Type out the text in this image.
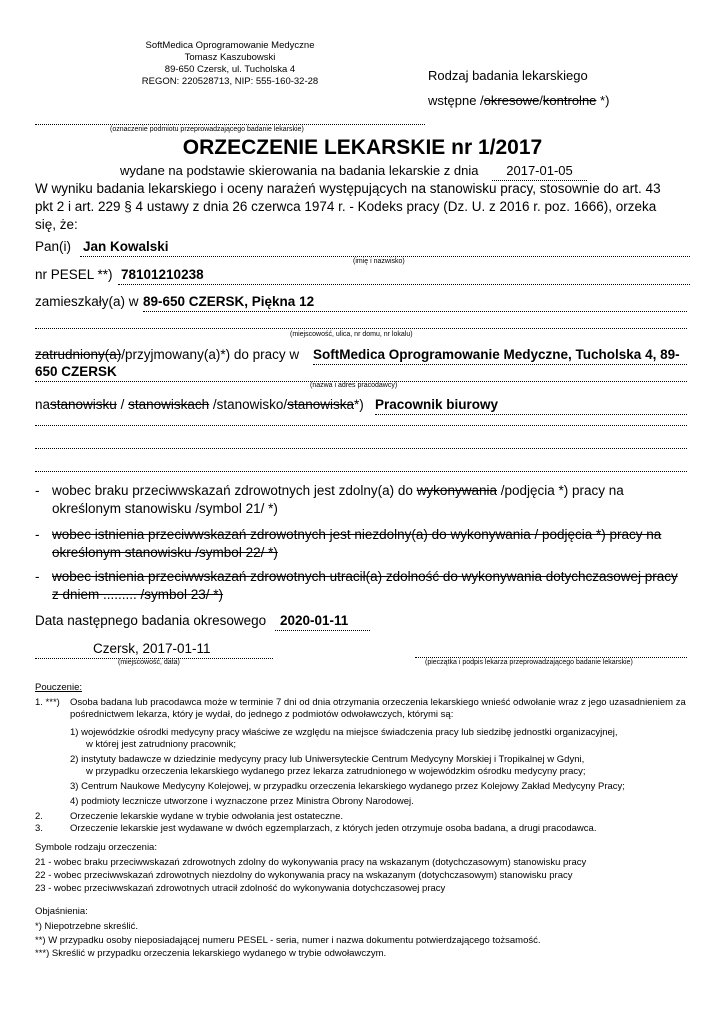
SoftMedica Oprogramowanie Medyczne
Tomasz Kaszubowski
89-650 Czersk, ul. Tucholska 4
REGON: 220528713, NIP: 555-160-32-28	Rodzaj badania lekarskiego
wstępne /okresowe/kontrolne *)
(oznaczenie podmiotu przeprowadzającego badanie lekarskie)
ORZECZENIE LEKARSKIE nr 1/2017
wydane na podstawie skierowania na badania lekarskie z dnia	2017-01-05
W wyniku badania lekarskiego i oceny narażeń występujących na stanowisku pracy, stosownie do art. 43 pkt 2 i art. 229 § 4 ustawy z dnia 26 czerwca 1974 r. - Kodeks pracy (Dz. U. z 2016 r. poz. 1666), orzeka się, że:
Pan(i) Jan Kowalski
(imię i nazwisko)
nr PESEL **) 78101210238
zamieszkały(a) w 89-650 CZERSK, Piękna 12
(miejscowość, ulica, nr domu, nr lokalu)
zatrudniony(a)/przyjmowany(a)*) do pracy w SoftMedica Oprogramowanie Medyczne, Tucholska 4, 89-
650 CZERSK
(nazwa i adres pracodawcy)
nastanowisku / stanowiskach /stanowisko/stanowiska*) Pracownik biurowy
- wobec braku przeciwwskazań zdrowotnych jest zdolny(a) do wykonywania /podjęcia *) pracy na
określonym stanowisku /symbol 21/ *)
- wobec istnienia przeciwwskazań zdrowotnych jest niezdolny(a) do wykonywania / podjęcia *) pracy na
określonym stanowisku /symbol 22/ *)
- wobec istnienia przeciwwskazań zdrowotnych utracił(a) zdolność do wykonywania dotychczasowej pracy
z dniem ......... /symbol 23/ *)
Data następnego badania okresowego	2020-01-11
Czersk, 2017-01-11
(miejscowość, data)	(pieczątka i podpis lekarza przeprowadzającego badanie lekarskie)
Pouczenie:
1. ***) Osoba badana lub pracodawca może w terminie 7 dni od dnia otrzymania orzeczenia lekarskiego wnieść odwołanie wraz z jego uzasadnieniem za pośrednictwem lekarza, który je wydał, do jednego z podmiotów odwoławczych, którymi są:
1) wojewódzkie ośrodki medycyny pracy właściwe ze względu na miejsce świadczenia pracy lub siedzibę jednostki organizacyjnej,
w której jest zatrudniony pracownik;
2) instytuty badawcze w dziedzinie medycyny pracy lub Uniwersyteckie Centrum Medycyny Morskiej i Tropikalnej w Gdyni,
w przypadku orzeczenia lekarskiego wydanego przez lekarza zatrudnionego w wojewódzkim ośrodku medycyny pracy;
3) Centrum Naukowe Medycyny Kolejowej, w przypadku orzeczenia lekarskiego wydanego przez Kolejowy Zakład Medycyny Pracy;
4) podmioty lecznicze utworzone i wyznaczone przez Ministra Obrony Narodowej.
2.	Orzeczenie lekarskie wydane w trybie odwołania jest ostateczne.
3.	Orzeczenie lekarskie jest wydawane w dwóch egzemplarzach, z których jeden otrzymuje osoba badana, a drugi pracodawca.
Symbole rodzaju orzeczenia:
21 - wobec braku przeciwwskazań zdrowotnych zdolny do wykonywania pracy na wskazanym (dotychczasowym) stanowisku pracy
22 - wobec przeciwwskazań zdrowotnych niezdolny do wykonywania pracy na wskazanym (dotychczasowym) stanowisku pracy
23 - wobec przeciwwskazań zdrowotnych utracił zdolność do wykonywania dotychczasowej pracy
Objaśnienia:
*) Niepotrzebne skreślić.
**) W przypadku osoby nieposiadającej numeru PESEL - seria, numer i nazwa dokumentu potwierdzającego tożsamość.
***) Skreślić w przypadku orzeczenia lekarskiego wydanego w trybie odwoławczym.
